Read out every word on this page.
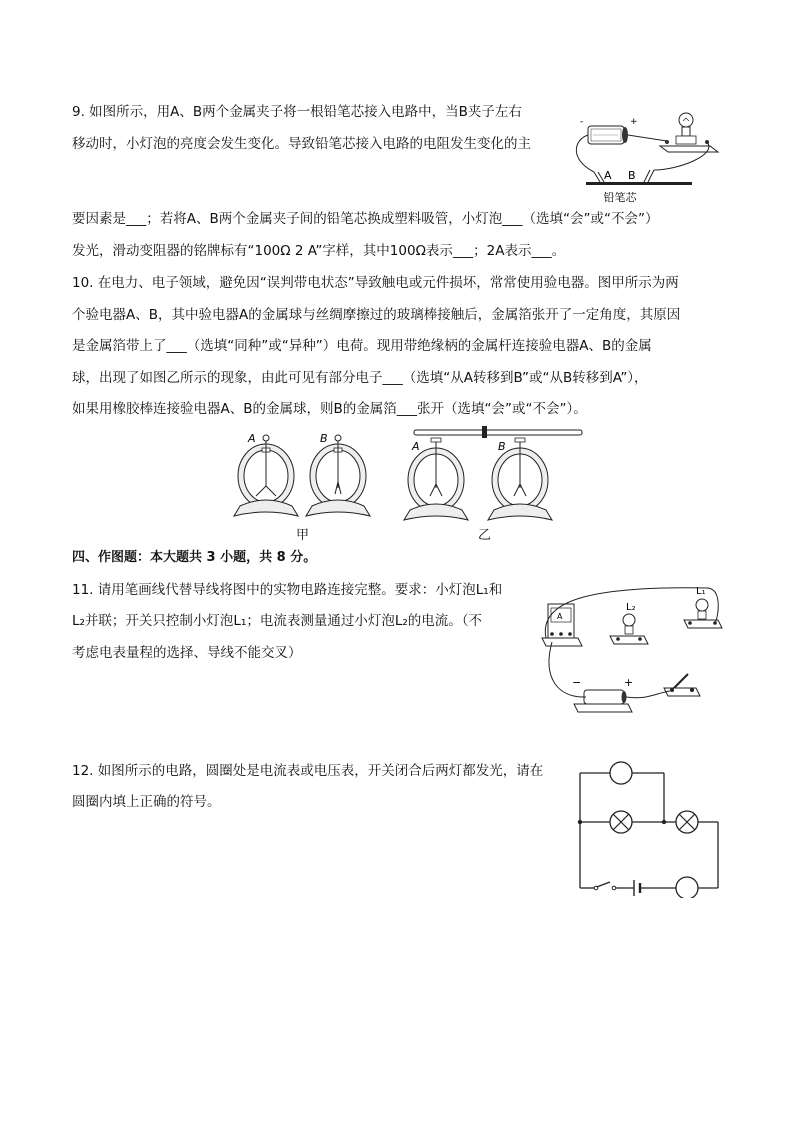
9. 如图所示，用A、B两个金属夹子将一根铅笔芯接入电路中，当B夹子左右
移动时，小灯泡的亮度会发生变化。导致铅笔芯接入电路的电阻发生变化的主
要因素是___；若将A、B两个金属夹子间的铅笔芯换成塑料吸管，小灯泡___（选填“会”或“不会”）
发光，滑动变阻器的铭牌标有“100Ω 2 A”字样，其中100Ω表示___；2A表示___。
-	+
A B
铅笔芯
10. 在电力、电子领域，避免因“误判带电状态”导致触电或元件损坏，常常使用验电器。图甲所示为两
个验电器A、B，其中验电器A的金属球与丝绸摩擦过的玻璃棒接触后，金属箔张开了一定角度，其原因
是金属箔带上了___（选填“同种”或“异种”）电荷。现用带绝缘柄的金属杆连接验电器A、B的金属
球，出现了如图乙所示的现象，由此可见有部分电子___（选填“从A转移到B”或“从B转移到A”），
如果用橡胶棒连接验电器A、B的金属球，则B的金属箔___张开（选填“会”或“不会”）。
A	B
A	B
甲	乙
四、作图题：本大题共 3 小题，共 8 分。
11. 请用笔画线代替导线将图中的实物电路连接完整。要求：小灯泡L₁和
L₂并联；开关只控制小灯泡L₁；电流表测量通过小灯泡L₂的电流。（不
考虑电表量程的选择、导线不能交叉）
A
L₂
L₁
−	+
12. 如图所示的电路，圆圈处是电流表或电压表，开关闭合后两灯都发光，请在
圆圈内填上正确的符号。
